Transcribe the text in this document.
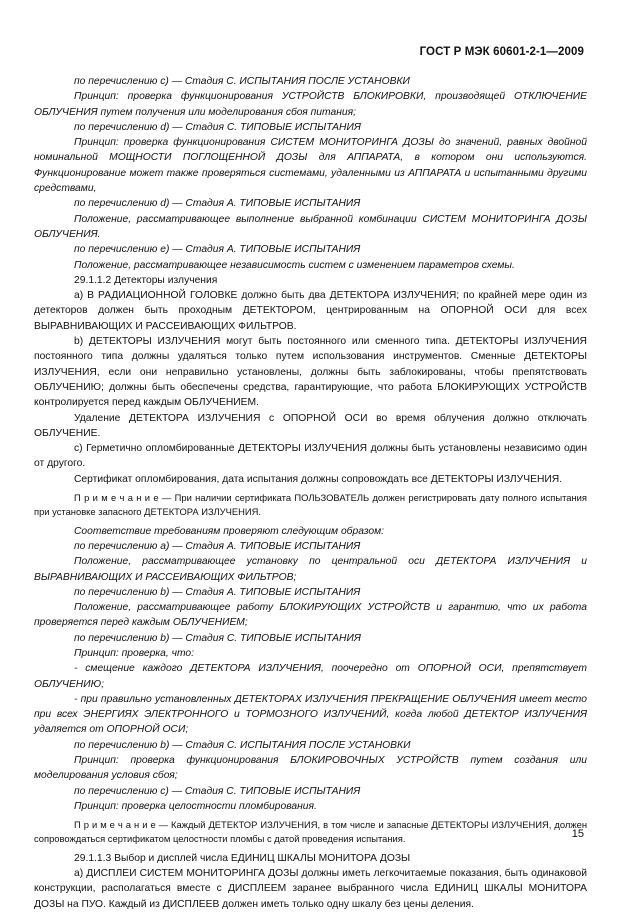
ГОСТ Р МЭК 60601-2-1—2009

по перечислению с) — Стадия С. ИСПЫТАНИЯ ПОСЛЕ УСТАНОВКИ

Принцип: проверка функционирования УСТРОЙСТВ БЛОКИРОВКИ, производящей ОТКЛЮЧЕНИЕ ОБЛУЧЕНИЯ путем получения или моделирования сбоя питания;

по перечислению d) — Стадия С. ТИПОВЫЕ ИСПЫТАНИЯ

Принцип: проверка функционирования СИСТЕМ МОНИТОРИНГА ДОЗЫ до значений, равных двойной номинальной МОЩНОСТИ ПОГЛОЩЕННОЙ ДОЗЫ для АППАРАТА, в котором они используются. Функционирование может также проверяться системами, удаленными из АППАРАТА и испытанными другими средствами,

по перечислению d) — Стадия А. ТИПОВЫЕ ИСПЫТАНИЯ

Положение, рассматривающее выполнение выбранной комбинации СИСТЕМ МОНИТОРИНГА ДОЗЫ ОБЛУЧЕНИЯ.

по перечислению е) — Стадия А. ТИПОВЫЕ ИСПЫТАНИЯ

Положение, рассматривающее независимость систем с изменением параметров схемы.

29.1.1.2 Детекторы излучения

а) В РАДИАЦИОННОЙ ГОЛОВКЕ должно быть два ДЕТЕКТОРА ИЗЛУЧЕНИЯ; по крайней мере один из детекторов должен быть проходным ДЕТЕКТОРОМ, центрированным на ОПОРНОЙ ОСИ для всех ВЫРАВНИВАЮЩИХ И РАССЕИВАЮЩИХ ФИЛЬТРОВ.

b) ДЕТЕКТОРЫ ИЗЛУЧЕНИЯ могут быть постоянного или сменного типа. ДЕТЕКТОРЫ ИЗЛУЧЕНИЯ постоянного типа должны удаляться только путем использования инструментов. Сменные ДЕТЕКТОРЫ ИЗЛУЧЕНИЯ, если они неправильно установлены, должны быть заблокированы, чтобы препятствовать ОБЛУЧЕНИЮ; должны быть обеспечены средства, гарантирующие, что работа БЛОКИРУЮЩИХ УСТРОЙСТВ контролируется перед каждым ОБЛУЧЕНИЕМ.

Удаление ДЕТЕКТОРА ИЗЛУЧЕНИЯ с ОПОРНОЙ ОСИ во время облучения должно отключать ОБЛУЧЕНИЕ.

с) Герметично опломбированные ДЕТЕКТОРЫ ИЗЛУЧЕНИЯ должны быть установлены независимо один от другого.

Сертификат опломбирования, дата испытания должны сопровождать все ДЕТЕКТОРЫ ИЗЛУЧЕНИЯ.

П р и м е ч а н и е — При наличии сертификата ПОЛЬЗОВАТЕЛЬ должен регистрировать дату полного испытания при установке запасного ДЕТЕКТОРА ИЗЛУЧЕНИЯ.

Соответствие требованиям проверяют следующим образом:

по перечислению а) — Стадия А. ТИПОВЫЕ ИСПЫТАНИЯ

Положение, рассматривающее установку по центральной оси ДЕТЕКТОРА ИЗЛУЧЕНИЯ и ВЫРАВНИВАЮЩИХ И РАССЕИВАЮЩИХ ФИЛЬТРОВ;

по перечислению b) — Стадия А. ТИПОВЫЕ ИСПЫТАНИЯ

Положение, рассматривающее работу БЛОКИРУЮЩИХ УСТРОЙСТВ и гарантию, что их работа проверяется перед каждым ОБЛУЧЕНИЕМ;

по перечислению b) — Стадия С. ТИПОВЫЕ ИСПЫТАНИЯ

Принцип: проверка, что:

- смещение каждого ДЕТЕКТОРА ИЗЛУЧЕНИЯ, поочередно от ОПОРНОЙ ОСИ, препятствует ОБЛУЧЕНИЮ;

- при правильно установленных ДЕТЕКТОРАХ ИЗЛУЧЕНИЯ ПРЕКРАЩЕНИЕ ОБЛУЧЕНИЯ имеет место при всех ЭНЕРГИЯХ ЭЛЕКТРОННОГО и ТОРМОЗНОГО ИЗЛУЧЕНИЙ, когда любой ДЕТЕКТОР ИЗЛУЧЕНИЯ удаляется от ОПОРНОЙ ОСИ;

по перечислению b) — Стадия С. ИСПЫТАНИЯ ПОСЛЕ УСТАНОВКИ

Принцип: проверка функционирования БЛОКИРОВОЧНЫХ УСТРОЙСТВ путем создания или моделирования условия сбоя;

по перечислению с) — Стадия С. ТИПОВЫЕ ИСПЫТАНИЯ

Принцип: проверка целостности пломбирования.

П р и м е ч а н и е — Каждый ДЕТЕКТОР ИЗЛУЧЕНИЯ, в том числе и запасные ДЕТЕКТОРЫ ИЗЛУЧЕНИЯ, должен сопровождаться сертификатом целостности пломбы с датой проведения испытания.

29.1.1.3 Выбор и дисплей числа ЕДИНИЦ ШКАЛЫ МОНИТОРА ДОЗЫ

а) ДИСПЛЕИ СИСТЕМ МОНИТОРИНГА ДОЗЫ должны иметь легкочитаемые показания, быть одинаковой конструкции, располагаться вместе с ДИСПЛЕЕМ заранее выбранного числа ЕДИНИЦ ШКАЛЫ МОНИТОРА ДОЗЫ на ПУО. Каждый из ДИСПЛЕЕВ должен иметь только одну шкалу без цены деления.

15
